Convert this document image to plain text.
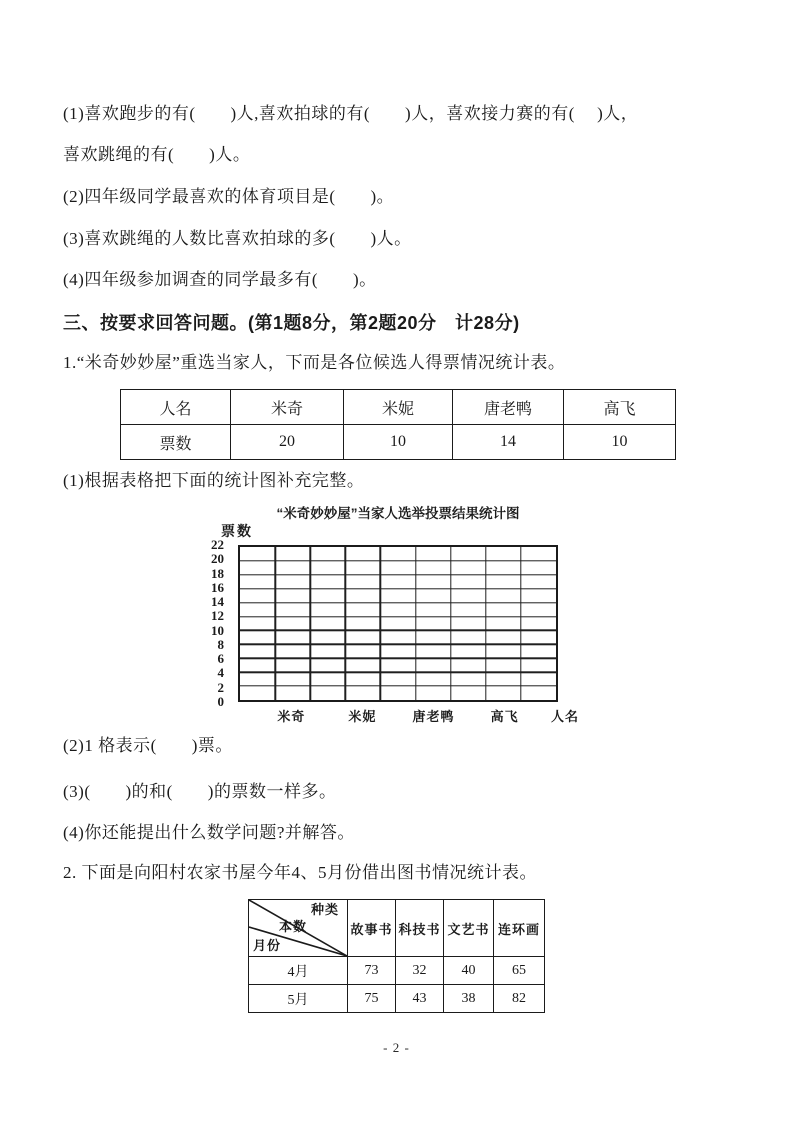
(1)喜欢跑步的有(　　)人,喜欢拍球的有(　　)人，喜欢接力赛的有(　 )人，
喜欢跳绳的有(　　)人。
(2)四年级同学最喜欢的体育项目是(　　)。
(3)喜欢跳绳的人数比喜欢拍球的多(　　)人。
(4)四年级参加调查的同学最多有(　　)。
三、按要求回答问题。(第1题8分，第2题20分　计28分)
1.“米奇妙妙屋”重选当家人，下而是各位候选人得票情况统计表。
人名	米奇	米妮	唐老鸭	高飞
票数	20	10	14	10
(1)根据表格把下面的统计图补充完整。
“米奇妙妙屋”当家人选举投票结果统计图
票数
22
20
18
16
14
12
10
8
6
4
2
0
人名
米奇	米妮	唐老鸭	高飞
(2)1 格表示(　　)票。
(3)(　　)的和(　　)的票数一样多。
(4)你还能提出什么数学问题?并解答。
2. 下面是向阳村农家书屋今年4、5月份借出图书情况统计表。
种类
本数
月份	故事书	科技书	文艺书	连环画
4月	73	32	40	65
5月	75	43	38	82
- 2 -
